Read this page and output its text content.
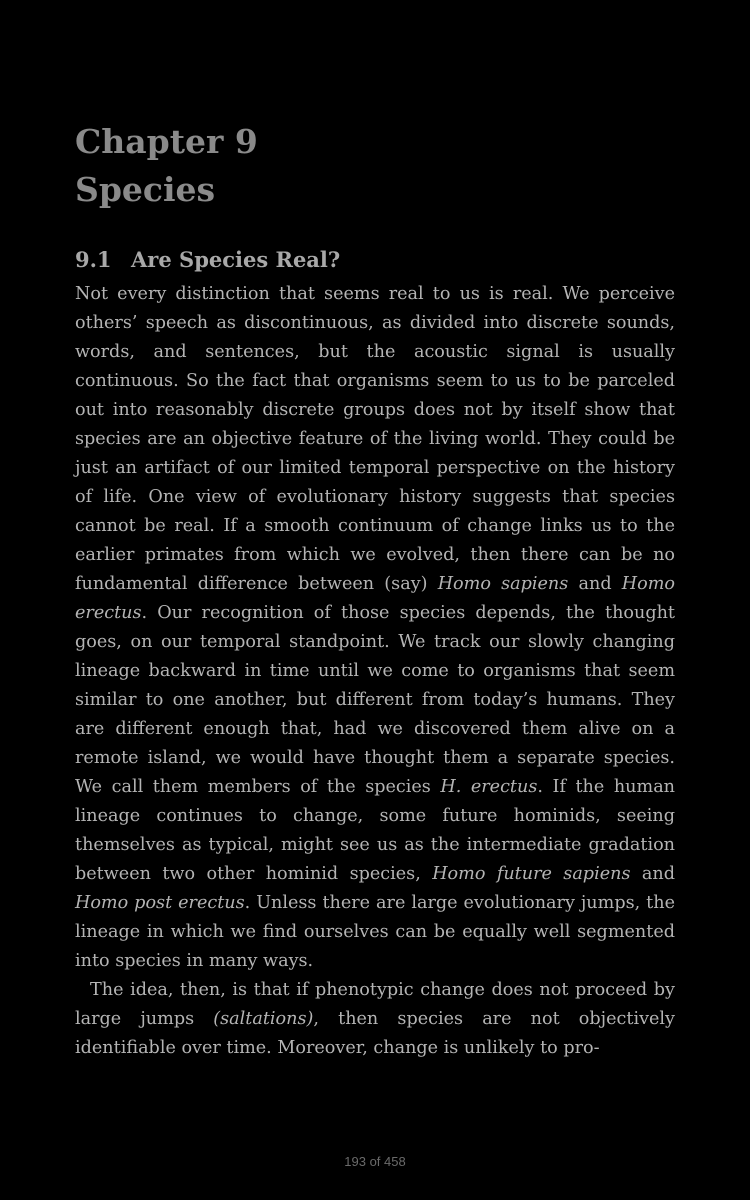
Chapter 9
Species
9.1 Are Species Real?

Not every distinction that seems real to us is real. We perceive others’ speech as discontinuous, as divided into discrete sounds, words, and sentences, but the acoustic signal is usually continuous. So the fact that organisms seem to us to be parceled out into reasonably discrete groups does not by itself show that species are an objective feature of the living world. They could be just an artifact of our limited temporal perspective on the history of life. One view of evolutionary history suggests that species cannot be real. If a smooth continuum of change links us to the earlier primates from which we evolved, then there can be no fundamental difference between (say) Homo sapiens and Homo erectus. Our recognition of those species depends, the thought goes, on our temporal standpoint. We track our slowly changing lineage backward in time until we come to organisms that seem similar to one another, but different from today’s humans. They are different enough that, had we discovered them alive on a remote island, we would have thought them a separate species. We call them members of the species H. erectus. If the human lineage continues to change, some future hominids, seeing themselves as typical, might see us as the intermediate gradation between two other hominid species, Homo future sapiens and Homo post erectus. Unless there are large evolutionary jumps, the lineage in which we find ourselves can be equally well segmented into species in many ways.

The idea, then, is that if phenotypic change does not proceed by large jumps (saltations), then species are not objectively identifiable over time. Moreover, change is unlikely to pro-

193 of 458
